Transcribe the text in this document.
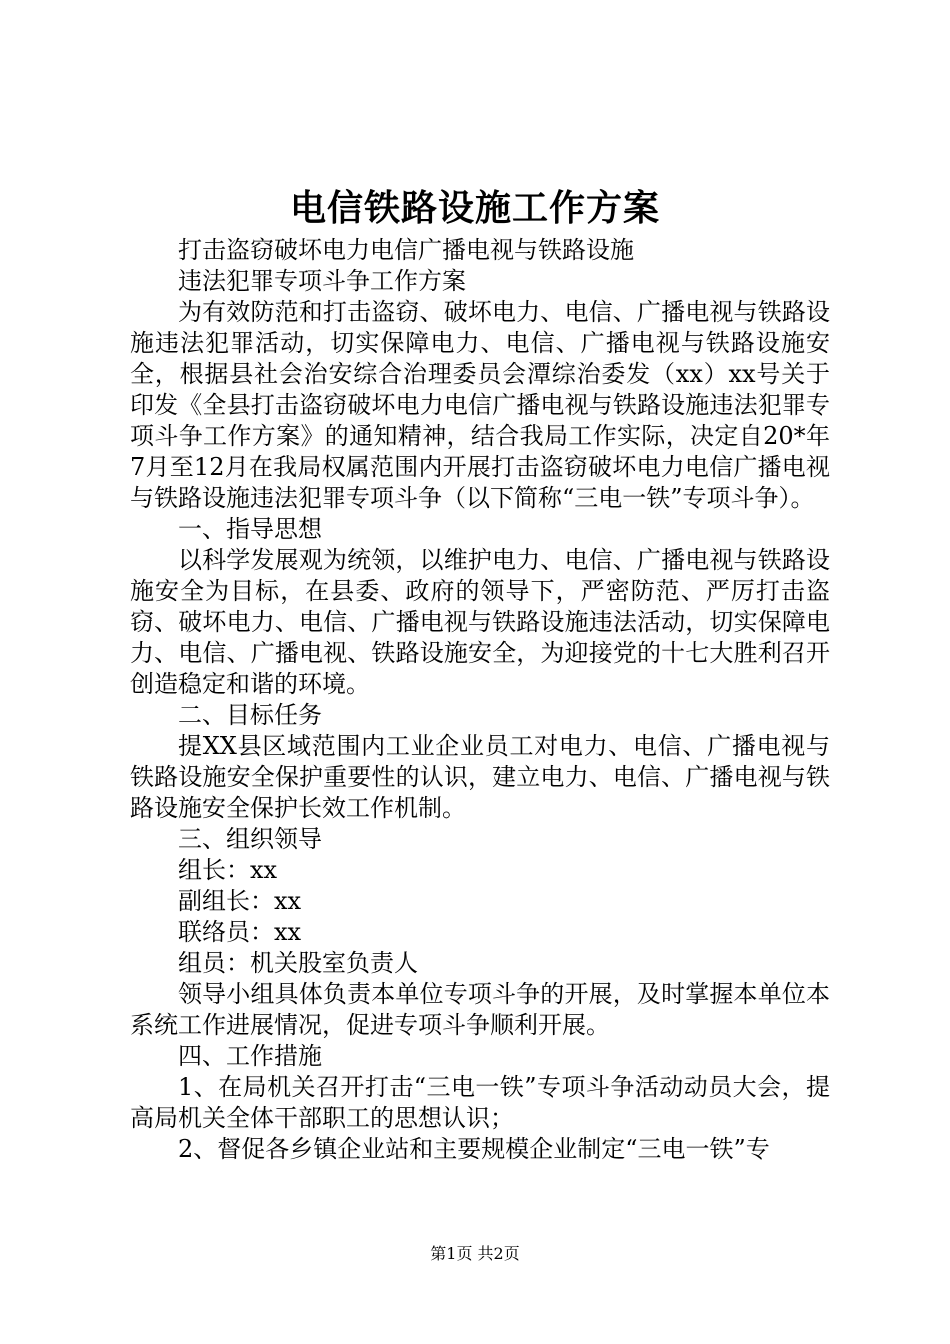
电信铁路设施工作方案

打击盗窃破坏电力电信广播电视与铁路设施

违法犯罪专项斗争工作方案

为有效防范和打击盗窃、破坏电力、电信、广播电视与铁路设施违法犯罪活动，切实保障电力、电信、广播电视与铁路设施安全，根据县社会治安综合治理委员会潭综治委发（xx）xx号关于印发《全县打击盗窃破坏电力电信广播电视与铁路设施违法犯罪专项斗争工作方案》的通知精神，结合我局工作实际，决定自20*年7月至12月在我局权属范围内开展打击盗窃破坏电力电信广播电视与铁路设施违法犯罪专项斗争（以下简称“三电一铁”专项斗争）。

一、指导思想

以科学发展观为统领，以维护电力、电信、广播电视与铁路设施安全为目标，在县委、政府的领导下，严密防范、严厉打击盗窃、破坏电力、电信、广播电视与铁路设施违法活动，切实保障电力、电信、广播电视、铁路设施安全，为迎接党的十七大胜利召开创造稳定和谐的环境。

二、目标任务

提XX县区域范围内工业企业员工对电力、电信、广播电视与铁路设施安全保护重要性的认识，建立电力、电信、广播电视与铁路设施安全保护长效工作机制。

三、组织领导

组长：xx

副组长：xx

联络员：xx

组员：机关股室负责人

领导小组具体负责本单位专项斗争的开展，及时掌握本单位本系统工作进展情况，促进专项斗争顺利开展。

四、工作措施

1、在局机关召开打击“三电一铁”专项斗争活动动员大会，提高局机关全体干部职工的思想认识；

2、督促各乡镇企业站和主要规模企业制定“三电一铁”专

第1页 共2页
